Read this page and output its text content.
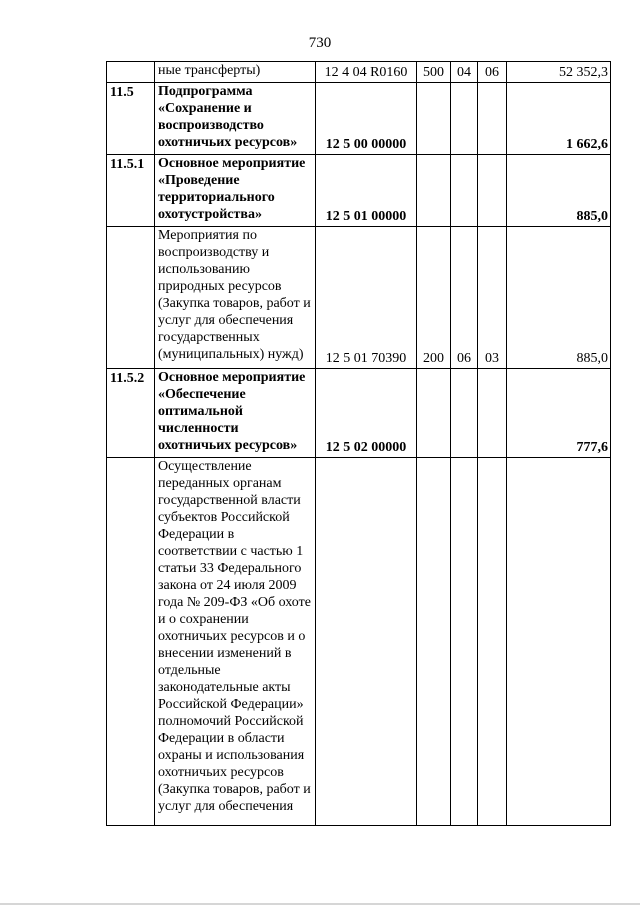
730
	ные трансферты)	12 4 04 R0160	500	04	06	52 352,3
11.5	Подпрограмма «Сохранение и воспроизводство охотничьих ресурсов»	12 5 00 00000				1 662,6
11.5.1	Основное мероприятие «Проведение территориального охотустройства»	12 5 01 00000				885,0
	Мероприятия по воспроизводству и использованию природных ресурсов (Закупка товаров, работ и услуг для обеспечения государственных (муниципальных) нужд)	12 5 01 70390	200	06	03	885,0
11.5.2	Основное мероприятие «Обеспечение оптимальной численности охотничьих ресурсов»	12 5 02 00000				777,6
	Осуществление переданных органам государственной власти субъектов Российской Федерации в соответствии с частью 1 статьи 33 Федерального закона от 24 июля 2009 года № 209-ФЗ «Об охоте и о сохранении охотничьих ресурсов и о внесении изменений в отдельные законодательные акты Российской Федерации» полномочий Российской Федерации в области охраны и использования охотничьих ресурсов (Закупка товаров, работ и услуг для обеспечения					
